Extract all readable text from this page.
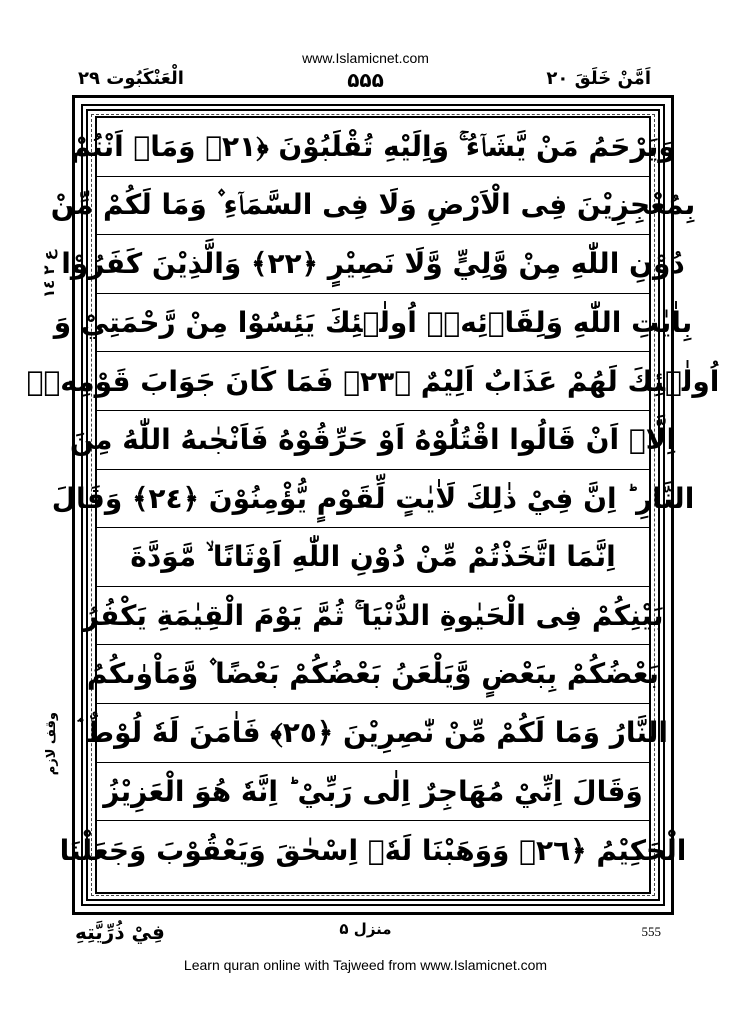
www.Islamicnet.com
الْعَنْكَبُوت ٢٩	۵۵۵	اَمَّنْ خَلَقَ ٢٠
ع ٢ ١٤
وقف لازم
وَيَرْحَمُ مَنْ يَّشَاۤءُ ۚ وَاِلَيْهِ تُقْلَبُوْنَ ﴿٢١﴾ وَمَاۤ اَنْتُمْ
بِمُعْجِزِيْنَ فِى الْاَرْضِ وَلَا فِى السَّمَاۤءِ ۫ وَمَا لَكُمْ مِّنْ
دُوْنِ اللّٰهِ مِنْ وَّلِيٍّ وَّلَا نَصِيْرٍ ﴿٢٢﴾ وَالَّذِيْنَ كَفَرُوْا
بِاٰيٰتِ اللّٰهِ وَلِقَاۤئِهٖۤ اُولٰۤئِكَ يَئِسُوْا مِنْ رَّحْمَتِيْ وَ
اُولٰۤئِكَ لَهُمْ عَذَابٌ اَلِيْمٌ ﴿٢٣﴾ فَمَا كَانَ جَوَابَ قَوْمِهٖۤ
اِلَّاۤ اَنْ قَالُوا اقْتُلُوْهُ اَوْ حَرِّقُوْهُ فَاَنْجٰىهُ اللّٰهُ مِنَ
النَّارِ ؕ اِنَّ فِيْ ذٰلِكَ لَاٰيٰتٍ لِّقَوْمٍ يُّؤْمِنُوْنَ ﴿٢٤﴾ وَقَالَ
اِنَّمَا اتَّخَذْتُمْ مِّنْ دُوْنِ اللّٰهِ اَوْثَانًا ۙ مَّوَدَّةَ
بَيْنِكُمْ فِى الْحَيٰوةِ الدُّنْيَا ۚ ثُمَّ يَوْمَ الْقِيٰمَةِ يَكْفُرُ
بَعْضُكُمْ بِبَعْضٍ وَّيَلْعَنُ بَعْضُكُمْ بَعْضًا ۫ وَّمَاْوٰىكُمُ
النَّارُ وَمَا لَكُمْ مِّنْ نّٰصِرِيْنَ ﴿٢٥﴾ فَاٰمَنَ لَهٗ لُوْطٌ ۘ
وَقَالَ اِنِّيْ مُهَاجِرٌ اِلٰى رَبِّيْ ؕ اِنَّهٗ هُوَ الْعَزِيْزُ
الْحَكِيْمُ ﴿٢٦﴾ وَوَهَبْنَا لَهٗۤ اِسْحٰقَ وَيَعْقُوْبَ وَجَعَلْنَا
فِيْ ذُرِّيَّتِهِ	منزل ۵	555
Learn quran online with Tajweed from www.Islamicnet.com
